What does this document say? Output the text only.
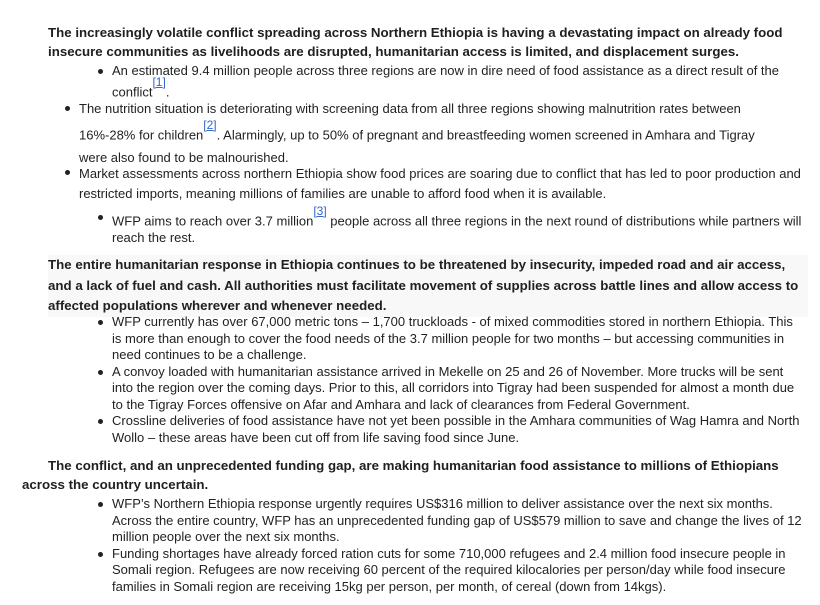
The increasingly volatile conflict spreading across Northern Ethiopia is having a devastating impact on already food insecure communities as livelihoods are disrupted, humanitarian access is limited, and displacement surges.

An estimated 9.4 million people across three regions are now in dire need of food assistance as a direct result of the conflict[1].
The nutrition situation is deteriorating with screening data from all three regions showing malnutrition rates between 16%-28% for children[2]. Alarmingly, up to 50% of pregnant and breastfeeding women screened in Amhara and Tigray were also found to be malnourished.
Market assessments across northern Ethiopia show food prices are soaring due to conflict that has led to poor production and restricted imports, meaning millions of families are unable to afford food when it is available.
WFP aims to reach over 3.7 million[3] people across all three regions in the next round of distributions while partners will reach the rest.

The entire humanitarian response in Ethiopia continues to be threatened by insecurity, impeded road and air access, and a lack of fuel and cash. All authorities must facilitate movement of supplies across battle lines and allow access to affected populations wherever and whenever needed.

WFP currently has over 67,000 metric tons – 1,700 truckloads - of mixed commodities stored in northern Ethiopia. This is more than enough to cover the food needs of the 3.7 million people for two months – but accessing communities in need continues to be a challenge.
A convoy loaded with humanitarian assistance arrived in Mekelle on 25 and 26 of November. More trucks will be sent into the region over the coming days. Prior to this, all corridors into Tigray had been suspended for almost a month due to the Tigray Forces offensive on Afar and Amhara and lack of clearances from Federal Government.
Crossline deliveries of food assistance have not yet been possible in the Amhara communities of Wag Hamra and North Wollo – these areas have been cut off from life saving food since June.

The conflict, and an unprecedented funding gap, are making humanitarian food assistance to millions of Ethiopians across the country uncertain.

WFP’s Northern Ethiopia response urgently requires US$316 million to deliver assistance over the next six months. Across the entire country, WFP has an unprecedented funding gap of US$579 million to save and change the lives of 12 million people over the next six months.
Funding shortages have already forced ration cuts for some 710,000 refugees and 2.4 million food insecure people in Somali region. Refugees are now receiving 60 percent of the required kilocalories per person/day while food insecure families in Somali region are receiving 15kg per person, per month, of cereal (down from 14kgs).
